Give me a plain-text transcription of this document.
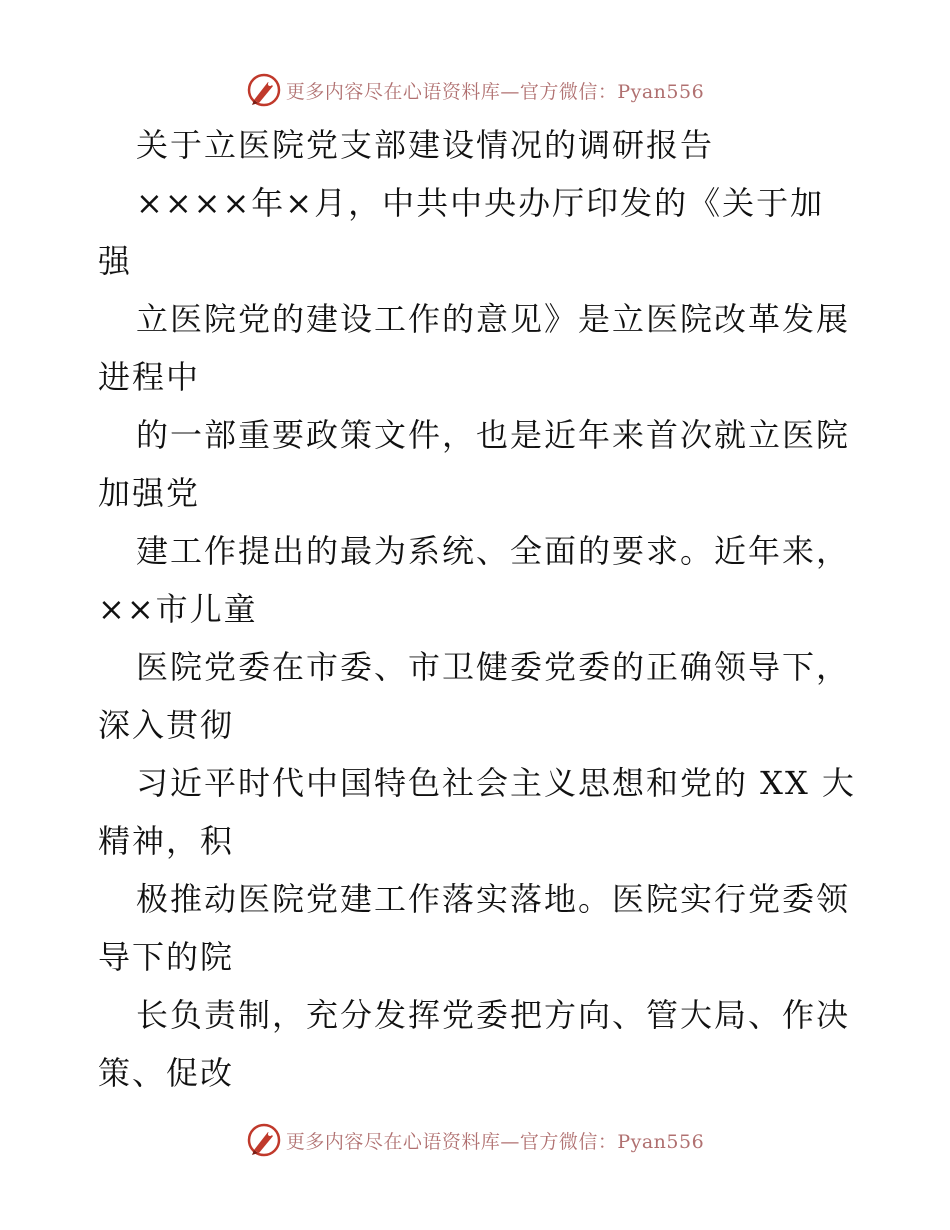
更多内容尽在心语资料库—官方微信：Pyan556
关于立医院党支部建设情况的调研报告
××××年×月，中共中央办厅印发的《关于加
强
立医院党的建设工作的意见》是立医院改革发展
进程中
的一部重要政策文件，也是近年来首次就立医院
加强党
建工作提出的最为系统、全面的要求。近年来，
××市儿童
医院党委在市委、市卫健委党委的正确领导下，
深入贯彻
习近平时代中国特色社会主义思想和党的 XX 大
精神，积
极推动医院党建工作落实落地。医院实行党委领
导下的院
长负责制，充分发挥党委把方向、管大局、作决
策、促改
更多内容尽在心语资料库—官方微信：Pyan556
